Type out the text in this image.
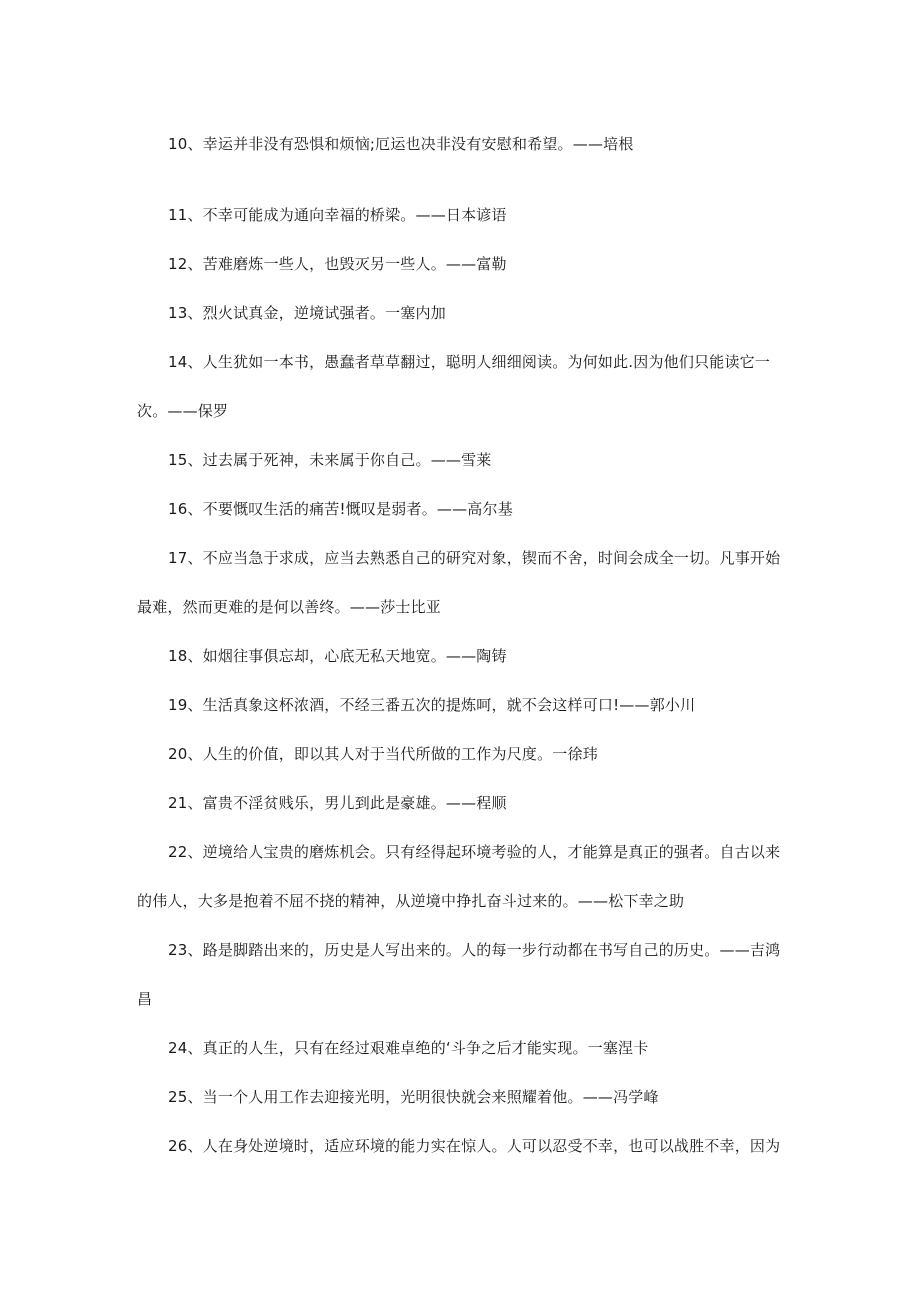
10、幸运并非没有恐惧和烦恼;厄运也决非没有安慰和希望。——培根
11、不幸可能成为通向幸福的桥梁。——日本谚语
12、苦难磨炼一些人，也毁灭另一些人。——富勒
13、烈火试真金，逆境试强者。一塞内加
14、人生犹如一本书，愚蠢者草草翻过，聪明人细细阅读。为何如此.因为他们只能读它一
次。——保罗
15、过去属于死神，未来属于你自己。——雪莱
16、不要慨叹生活的痛苦!慨叹是弱者。——高尔基
17、不应当急于求成，应当去熟悉自己的研究对象，锲而不舍，时间会成全一切。凡事开始
最难，然而更难的是何以善终。——莎士比亚
18、如烟往事俱忘却，心底无私天地宽。——陶铸
19、生活真象这杯浓酒，不经三番五次的提炼呵，就不会这样可口!——郭小川
20、人生的价值，即以其人对于当代所做的工作为尺度。一徐玮
21、富贵不淫贫贱乐，男儿到此是豪雄。——程顺
22、逆境给人宝贵的磨炼机会。只有经得起环境考验的人，才能算是真正的强者。自古以来
的伟人，大多是抱着不屈不挠的精神，从逆境中挣扎奋斗过来的。——松下幸之助
23、路是脚踏出来的，历史是人写出来的。人的每一步行动都在书写自己的历史。——吉鸿
昌
24、真正的人生，只有在经过艰难卓绝的‘斗争之后才能实现。一塞涅卡
25、当一个人用工作去迎接光明，光明很快就会来照耀着他。——冯学峰
26、人在身处逆境时，适应环境的能力实在惊人。人可以忍受不幸，也可以战胜不幸，因为
